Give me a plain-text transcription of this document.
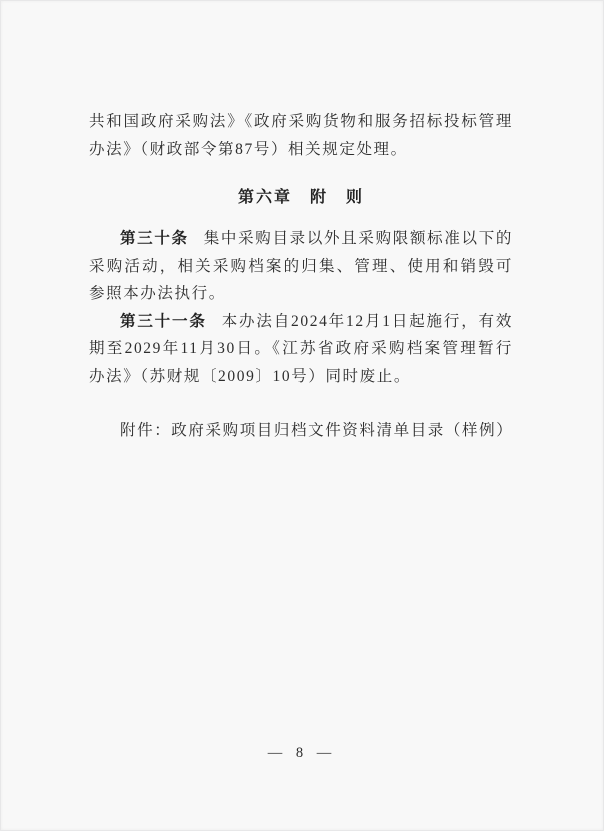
共和国政府采购法》《政府采购货物和服务招标投标管理办法》（财政部令第87号）相关规定处理。

第六章　附　则

第三十条 集中采购目录以外且采购限额标准以下的采购活动，相关采购档案的归集、管理、使用和销毁可参照本办法执行。

第三十一条 本办法自2024年12月1日起施行，有效期至2029年11月30日。《江苏省政府采购档案管理暂行办法》（苏财规〔2009〕10号）同时废止。

附件：政府采购项目归档文件资料清单目录（样例）

— 8 —
